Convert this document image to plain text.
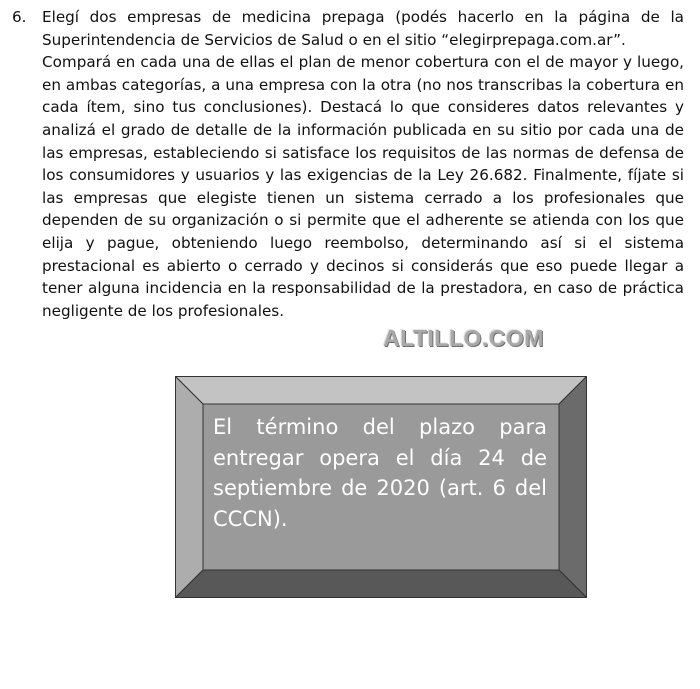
6.	Elegí dos empresas de medicina prepaga (podés hacerlo en la página de la Superintendencia de Servicios de Salud o en el sitio “elegirprepaga.com.ar”.

Compará en cada una de ellas el plan de menor cobertura con el de mayor y luego, en ambas categorías, a una empresa con la otra (no nos transcribas la cobertura en cada ítem, sino tus conclusiones). Destacá lo que consideres datos relevantes y analizá el grado de detalle de la información publicada en su sitio por cada una de las empresas, estableciendo si satisface los requisitos de las normas de defensa de los consumidores y usuarios y las exigencias de la Ley 26.682. Finalmente, fíjate si las empresas que elegiste tienen un sistema cerrado a los profesionales que dependen de su organización o si permite que el adherente se atienda con los que elija y pague, obteniendo luego reembolso, determinando así si el sistema prestacional es abierto o cerrado y decinos si considerás que eso puede llegar a tener alguna incidencia en la responsabilidad de la prestadora, en caso de práctica negligente de los profesionales.

ALTILLO.COM
El término del plazo para entregar opera el día 24 de septiembre de 2020 (art. 6 del CCCN).
